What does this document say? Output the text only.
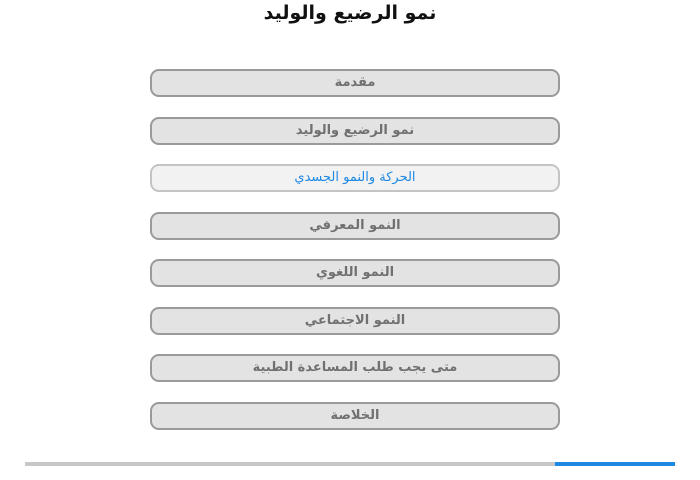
نمو الرضيع والوليد
مقدمة
نمو الرضيع والوليد
الحركة والنمو الجسدي
النمو المعرفي
النمو اللغوي
النمو الاجتماعي
متى يجب طلب المساعدة الطبية
الخلاصة
